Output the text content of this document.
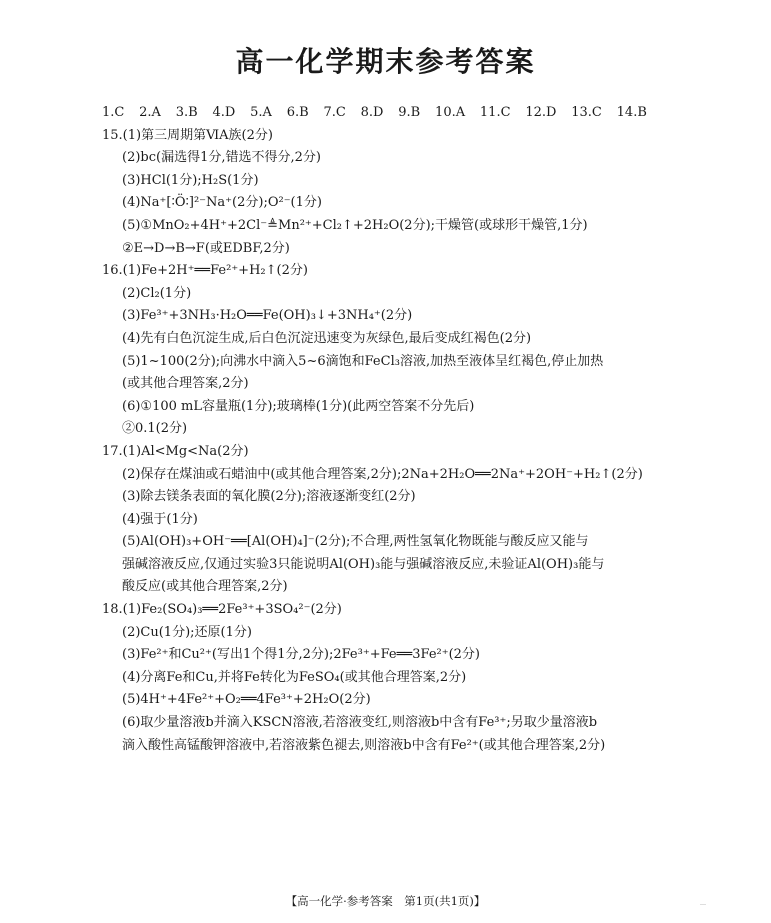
高一化学期末参考答案
1.C 2.A 3.B 4.D 5.A 6.B 7.C 8.D 9.B 10.A 11.C 12.D 13.C 14.B
15.(1)第三周期第ⅥA族(2分)
(2)bc(漏选得1分,错选不得分,2分)
(3)HCl(1分);H₂S(1分)
(4)Na⁺[∶Ö∶]²⁻Na⁺(2分);O²⁻(1分)
(5)①MnO₂+4H⁺+2Cl⁻≜Mn²⁺+Cl₂↑+2H₂O(2分);干燥管(或球形干燥管,1分)
②E→D→B→F(或EDBF,2分)
16.(1)Fe+2H⁺══Fe²⁺+H₂↑(2分)
(2)Cl₂(1分)
(3)Fe³⁺+3NH₃·H₂O══Fe(OH)₃↓+3NH₄⁺(2分)
(4)先有白色沉淀生成,后白色沉淀迅速变为灰绿色,最后变成红褐色(2分)
(5)1~100(2分);向沸水中滴入5~6滴饱和FeCl₃溶液,加热至液体呈红褐色,停止加热
(或其他合理答案,2分)
(6)①100 mL容量瓶(1分);玻璃棒(1分)(此两空答案不分先后)
②0.1(2分)
17.(1)Al<Mg<Na(2分)
(2)保存在煤油或石蜡油中(或其他合理答案,2分);2Na+2H₂O══2Na⁺+2OH⁻+H₂↑(2分)
(3)除去镁条表面的氧化膜(2分);溶液逐渐变红(2分)
(4)强于(1分)
(5)Al(OH)₃+OH⁻══[Al(OH)₄]⁻(2分);不合理,两性氢氧化物既能与酸反应又能与
强碱溶液反应,仅通过实验3只能说明Al(OH)₃能与强碱溶液反应,未验证Al(OH)₃能与
酸反应(或其他合理答案,2分)
18.(1)Fe₂(SO₄)₃══2Fe³⁺+3SO₄²⁻(2分)
(2)Cu(1分);还原(1分)
(3)Fe²⁺和Cu²⁺(写出1个得1分,2分);2Fe³⁺+Fe══3Fe²⁺(2分)
(4)分离Fe和Cu,并将Fe转化为FeSO₄(或其他合理答案,2分)
(5)4H⁺+4Fe²⁺+O₂══4Fe³⁺+2H₂O(2分)
(6)取少量溶液b并滴入KSCN溶液,若溶液变红,则溶液b中含有Fe³⁺;另取少量溶液b
滴入酸性高锰酸钾溶液中,若溶液紫色褪去,则溶液b中含有Fe²⁺(或其他合理答案,2分)
【高一化学·参考答案　第1页(共1页)】	…
